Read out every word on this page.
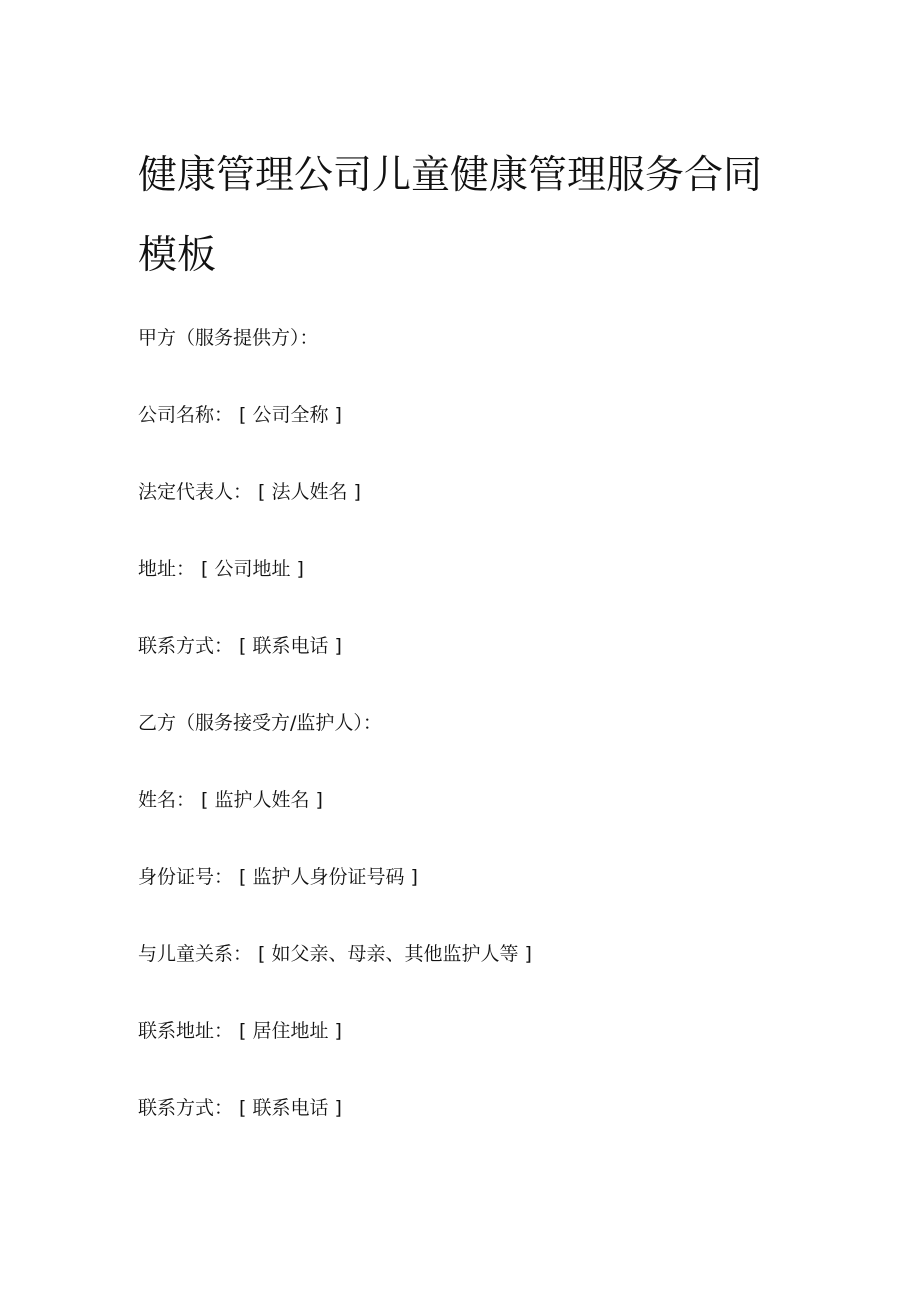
健康管理公司儿童健康管理服务合同模板
甲方（服务提供方）：
公司名称： [ 公司全称 ]
法定代表人： [ 法人姓名 ]
地址： [ 公司地址 ]
联系方式： [ 联系电话 ]
乙方（服务接受方/监护人）：
姓名： [ 监护人姓名 ]
身份证号： [ 监护人身份证号码 ]
与儿童关系： [ 如父亲、母亲、其他监护人等 ]
联系地址： [ 居住地址 ]
联系方式： [ 联系电话 ]
